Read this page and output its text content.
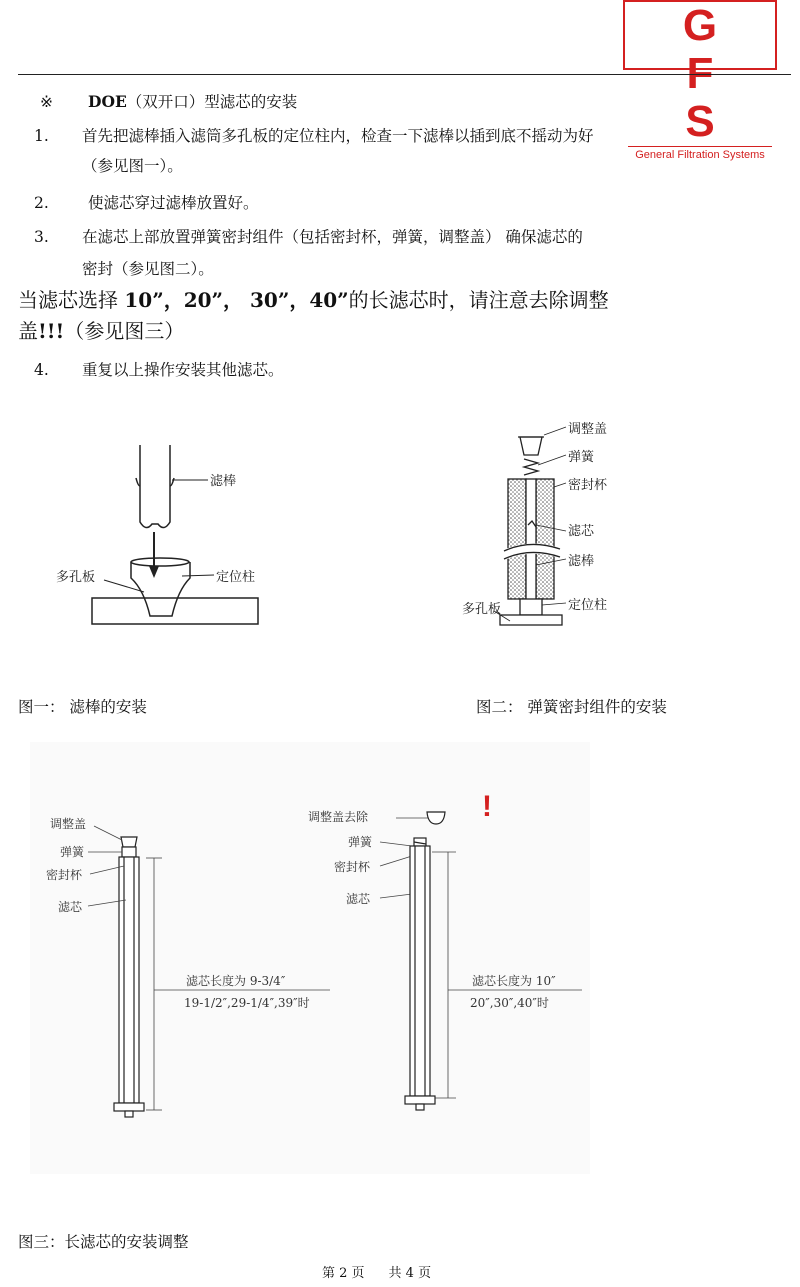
G F S
General Filtration Systems
※ DOE（双开口）型滤芯的安装
1. 首先把滤棒插入滤筒多孔板的定位柱内，检查一下滤棒以插到底不摇动为好
（参见图一）。
2.	使滤芯穿过滤棒放置好。
3. 在滤芯上部放置弹簧密封组件（包括密封杯，弹簧，调整盖） 确保滤芯的
密封（参见图二）。
当滤芯选择 10”，20”， 30”，40”的长滤芯时，请注意去除调整
盖!!!（参见图三）
4. 重复以上操作安装其他滤芯。
滤棒
多孔板	定位柱
调整盖
弹簧
密封杯
滤芯
滤棒
多孔板	定位柱
图一： 滤棒的安装	图二： 弹簧密封组件的安装
!
调整盖
弹簧
密封杯
滤芯
滤芯长度为 9-3/4″
19-1/2″,29-1/4″,39″时
调整盖去除
弹簧
密封杯
滤芯
滤芯长度为 10″
20″,30″,40″时
图三：长滤芯的安装调整
第 2 页 共 4 页
